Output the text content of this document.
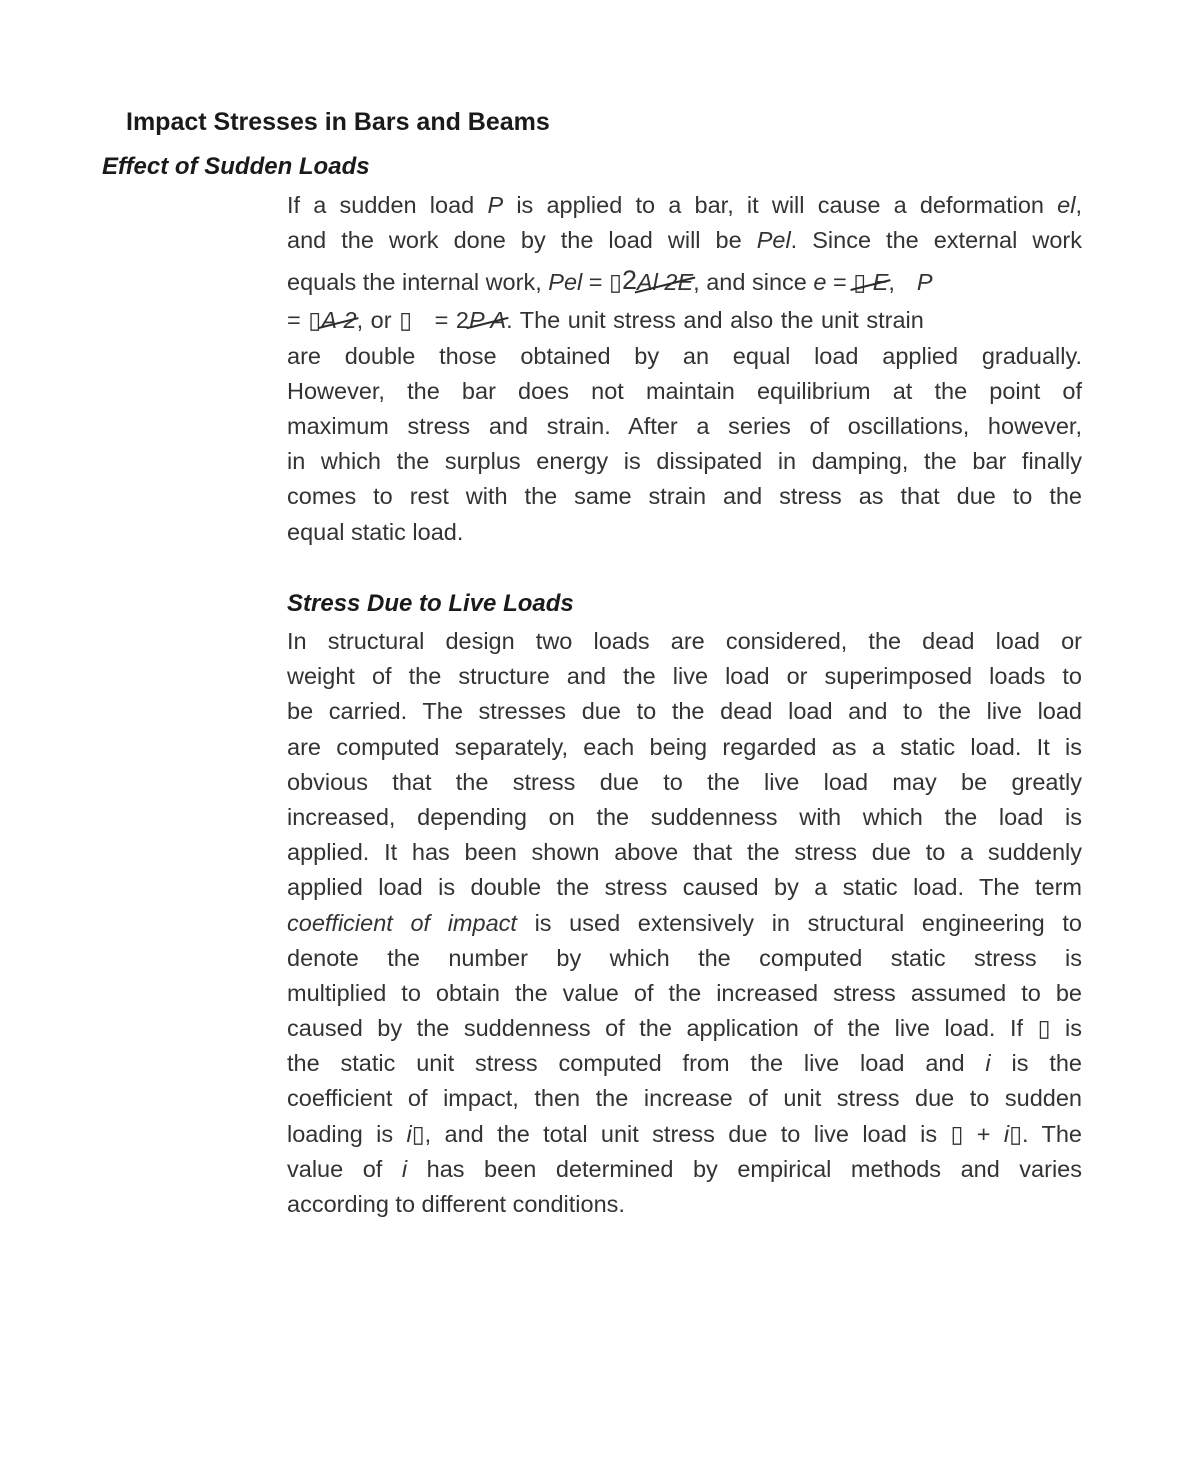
Impact Stresses in Bars and Beams
Effect of Sudden Loads
If a sudden load P is applied to a bar, it will cause a deformation el,
and the work done by the load will be Pel. Since the external work
equals the internal work, Pel = ▯2Al 2E, and since e = ▯ E, P
= ▯A 2, or ▯   = 2P A. The unit stress and also the unit strain
are double those obtained by an equal load applied gradually.
However, the bar does not maintain equilibrium at the point of
maximum stress and strain. After a series of oscillations, however,
in which the surplus energy is dissipated in damping, the bar finally
comes to rest with the same strain and stress as that due to the
equal static load.
Stress Due to Live Loads
In structural design two loads are considered, the dead load or
weight of the structure and the live load or superimposed loads to
be carried. The stresses due to the dead load and to the live load
are computed separately, each being regarded as a static load. It is
obvious that the stress due to the live load may be greatly
increased, depending on the suddenness with which the load is
applied. It has been shown above that the stress due to a suddenly
applied load is double the stress caused by a static load. The term
coefficient of impact is used extensively in structural engineering to
denote the number by which the computed static stress is
multiplied to obtain the value of the increased stress assumed to be
caused by the suddenness of the application of the live load. If ▯ is
the static unit stress computed from the live load and i is the
coefficient of impact, then the increase of unit stress due to sudden
loading is i▯, and the total unit stress due to live load is ▯ + i▯. The
value of i has been determined by empirical methods and varies
according to different conditions.
